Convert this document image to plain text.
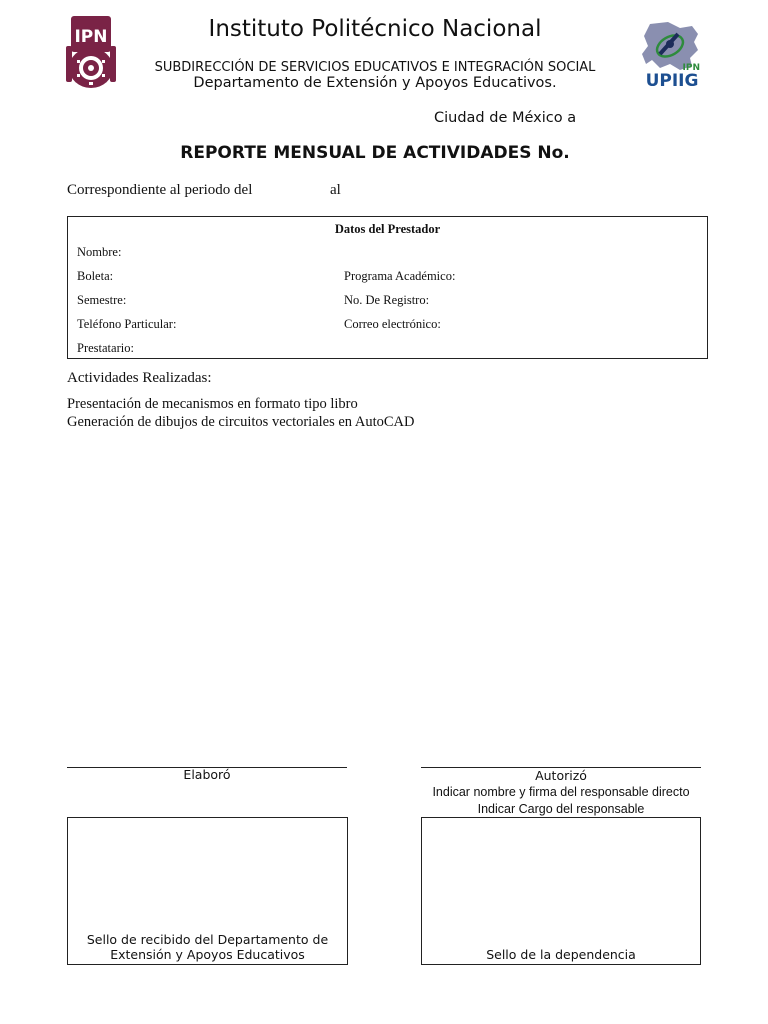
IPN
IPN
UPIIG
Instituto Politécnico Nacional
SUBDIRECCIÓN DE SERVICIOS EDUCATIVOS E INTEGRACIÓN SOCIAL
Departamento de Extensión y Apoyos Educativos.
Ciudad de México a
REPORTE MENSUAL DE ACTIVIDADES No.
Correspondiente al periodo del	al
Datos del Prestador
Nombre:
Boleta:	Programa Académico:
Semestre:	No. De Registro:
Teléfono Particular:	Correo electrónico:
Prestatario:
Actividades Realizadas:
Presentación de mecanismos en formato tipo libro
Generación de dibujos de circuitos vectoriales en AutoCAD
Elaboró	Autorizó
Indicar nombre y firma del responsable directo
Indicar Cargo del responsable
Sello de recibido del Departamento de
Extensión y Apoyos Educativos	Sello de la dependencia
